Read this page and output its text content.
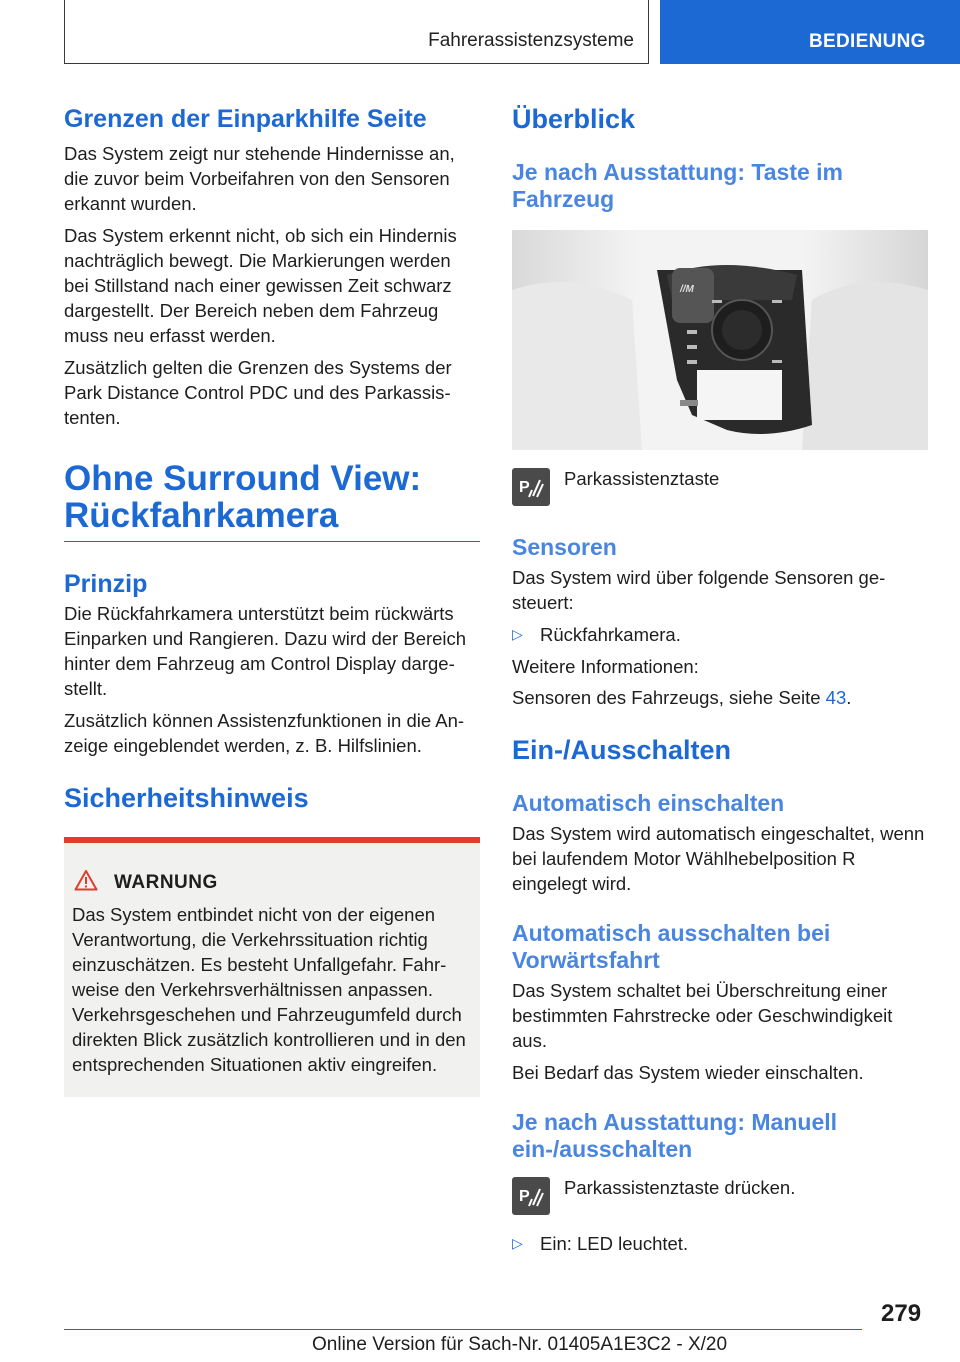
Fahrerassistenzsysteme	BEDIENUNG
Grenzen der Einparkhilfe Seite

Das System zeigt nur stehende Hindernisse an, die zuvor beim Vorbeifahren von den Sensoren erkannt wurden.

Das System erkennt nicht, ob sich ein Hindernis nachträglich bewegt. Die Markierungen werden bei Stillstand nach einer gewissen Zeit schwarz dargestellt. Der Bereich neben dem Fahrzeug muss neu erfasst werden.

Zusätzlich gelten die Grenzen des Systems der Park Distance Control PDC und des Parkassistenten.

Ohne Surround View: Rückfahrkamera
Prinzip

Die Rückfahrkamera unterstützt beim rückwärts Einparken und Rangieren. Dazu wird der Bereich hinter dem Fahrzeug am Control Display dargestellt.

Zusätzlich können Assistenzfunktionen in die Anzeige eingeblendet werden, z. B. Hilfslinien.

Sicherheitshinweis
WARNUNG

Das System entbindet nicht von der eigenen Verantwortung, die Verkehrssituation richtig einzuschätzen. Es besteht Unfallgefahr. Fahrweise den Verkehrsverhältnissen anpassen. Verkehrsgeschehen und Fahrzeugumfeld durch direkten Blick zusätzlich kontrollieren und in den entsprechenden Situationen aktiv eingreifen.

Überblick
Je nach Ausstattung: Taste im Fahrzeug
//M
P Parkassistenztaste

Sensoren

Das System wird über folgende Sensoren gesteuert:

▷ Rückfahrkamera.

Weitere Informationen:

Sensoren des Fahrzeugs, siehe Seite 43.

Ein-/Ausschalten
Automatisch einschalten

Das System wird automatisch eingeschaltet, wenn bei laufendem Motor Wählhebelposition R eingelegt wird.

Automatisch ausschalten bei Vorwärtsfahrt

Das System schaltet bei Überschreitung einer bestimmten Fahrstrecke oder Geschwindigkeit aus.

Bei Bedarf das System wieder einschalten.

Je nach Ausstattung: Manuell ein-/ausschalten
P Parkassistenztaste drücken.

▷ Ein: LED leuchtet.

279
Online Version für Sach-Nr. 01405A1E3C2 - X/20
